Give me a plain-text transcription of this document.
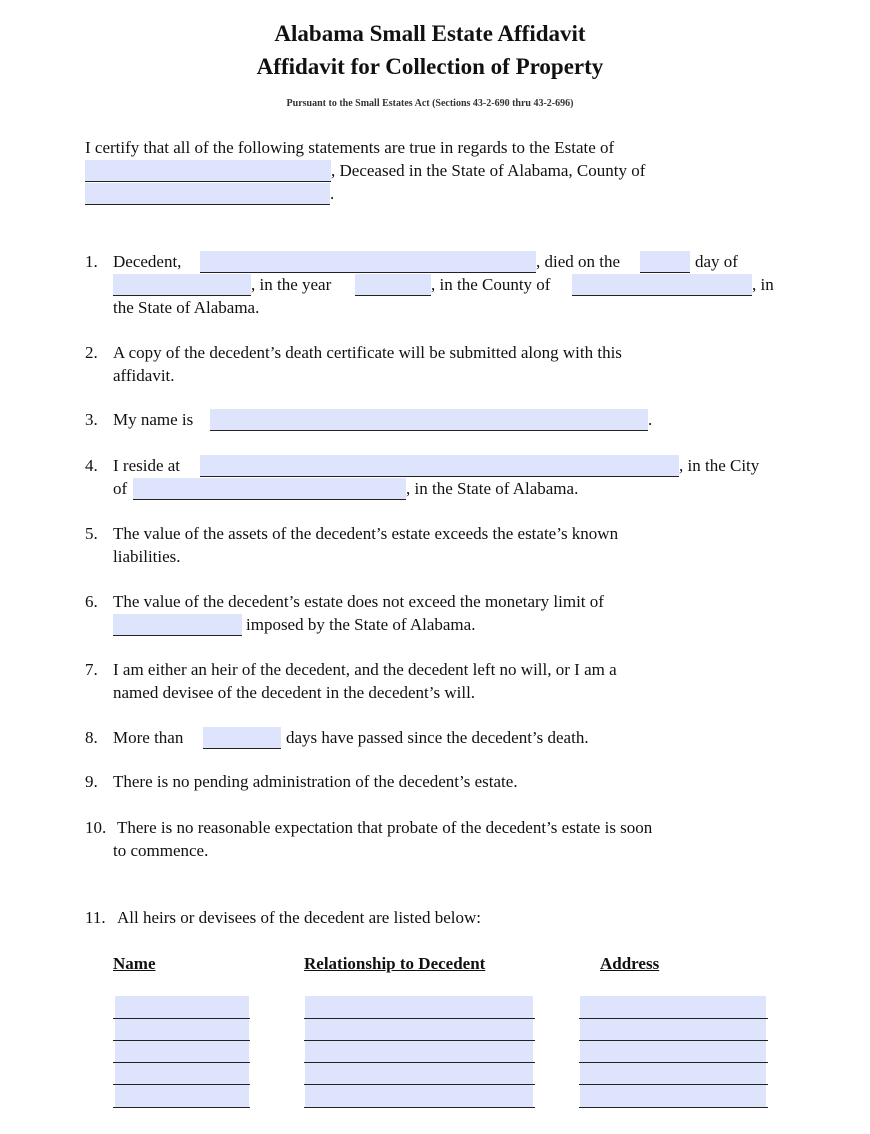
Alabama Small Estate Affidavit
Affidavit for Collection of Property
Pursuant to the Small Estates Act (Sections 43-2-690 thru 43-2-696)
I certify that all of the following statements are true in regards to the Estate of
, Deceased in the State of Alabama, County of
.
1. Decedent,	, died on the	day of
, in the year	, in the County of	, in
the State of Alabama.
2. A copy of the decedent’s death certificate will be submitted along with this
affidavit.
3. My name is	.
4. I reside at	, in the City
of	, in the State of Alabama.
5. The value of the assets of the decedent’s estate exceeds the estate’s known
liabilities.
6. The value of the decedent’s estate does not exceed the monetary limit of
imposed by the State of Alabama.
7. I am either an heir of the decedent, and the decedent left no will, or I am a
named devisee of the decedent in the decedent’s will.
8. More than	days have passed since the decedent’s death.
9. There is no pending administration of the decedent’s estate.
10. There is no reasonable expectation that probate of the decedent’s estate is soon
to commence.
11. All heirs or devisees of the decedent are listed below:
Name	Relationship to Decedent	Address
